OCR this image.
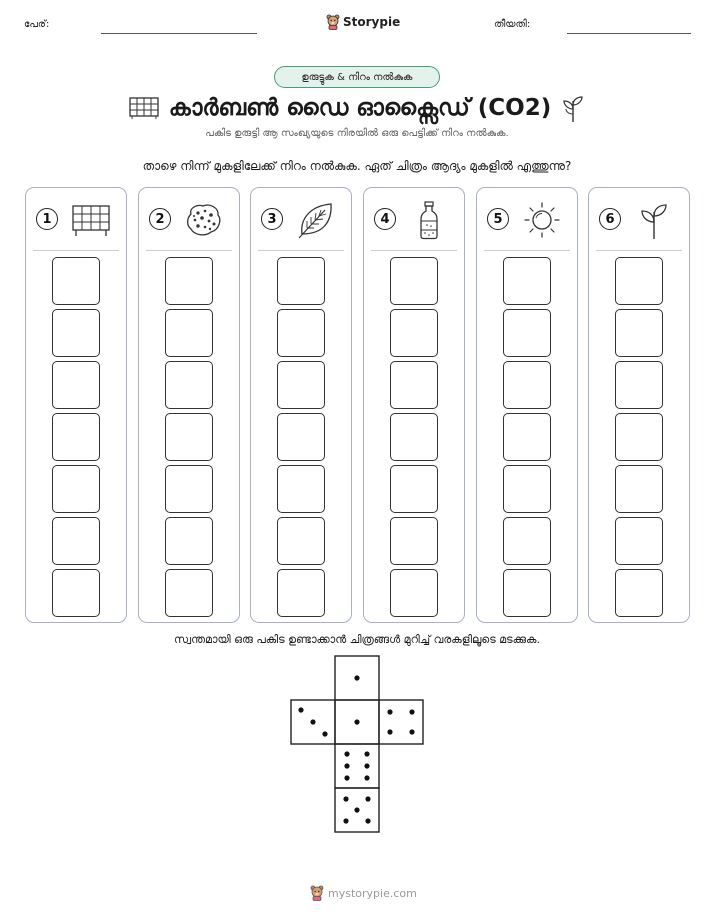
പേര്:	Storypie	തീയതി:
ഉരുട്ടുക & നിറം നൽകുക
കാർബൺ ഡൈ ഓക്സൈഡ് (CO2)
പകിട ഉരുട്ടി ആ സംഖ്യയുടെ നിരയിൽ ഒരു പെട്ടിക്ക് നിറം നൽകുക.
താഴെ നിന്ന് മുകളിലേക്ക് നിറം നൽകുക. ഏത് ചിത്രം ആദ്യം മുകളിൽ എത്തുന്നു?
1	2	3	4	5	6
സ്വന്തമായി ഒരു പകിട ഉണ്ടാക്കാൻ ചിത്രങ്ങൾ മുറിച്ച് വരകളിലൂടെ മടക്കുക.
mystorypie.com
